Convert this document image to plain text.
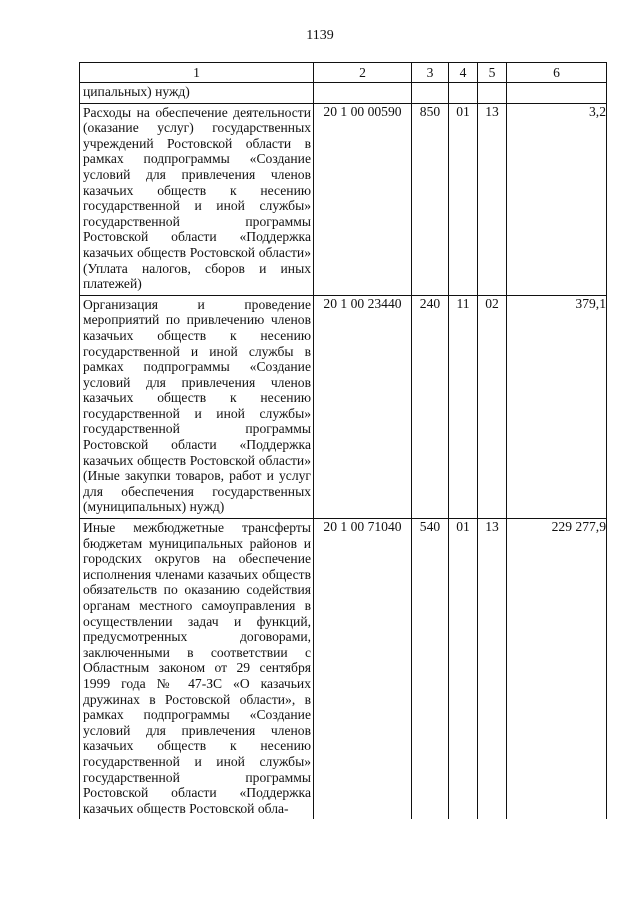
1139
1	2	3	4	5	6

ципальных) нужд)					

Расходы на обеспечение деятельности (оказание услуг) государственных учреждений Ростовской области в рамках подпрограммы «Создание условий для привлечения членов казачьих обществ к несению государственной и иной службы» государственной программы Ростовской области «Поддержка казачьих обществ Ростовской области» (Уплата налогов, сборов и иных платежей)	20 1 00 00590	850	01	13	3,2

Организация и проведение мероприятий по привлечению членов казачьих обществ к несению государственной и иной службы в рамках подпрограммы «Создание условий для привлечения членов казачьих обществ к несению государственной и иной службы» государственной программы Ростовской области «Поддержка казачьих обществ Ростовской области» (Иные закупки товаров, работ и услуг для обеспечения государственных (муниципальных) нужд)	20 1 00 23440	240	11	02	379,1

Иные межбюджетные трансферты бюджетам муниципальных районов и городских округов на обеспечение исполнения членами казачьих обществ обязательств по оказанию содействия органам местного самоуправления в осуществлении задач и функций, предусмотренных договорами, заключенными в соответствии с Областным законом от 29 сентября 1999 года № 47-ЗС «О казачьих дружинах в Ростовской области», в рамках подпрограммы «Создание условий для привлечения членов казачьих обществ к несению государственной и иной службы» государственной программы Ростовской области «Поддержка казачьих обществ Ростовской обла-	20 1 00 71040	540	01	13	229 277,9
